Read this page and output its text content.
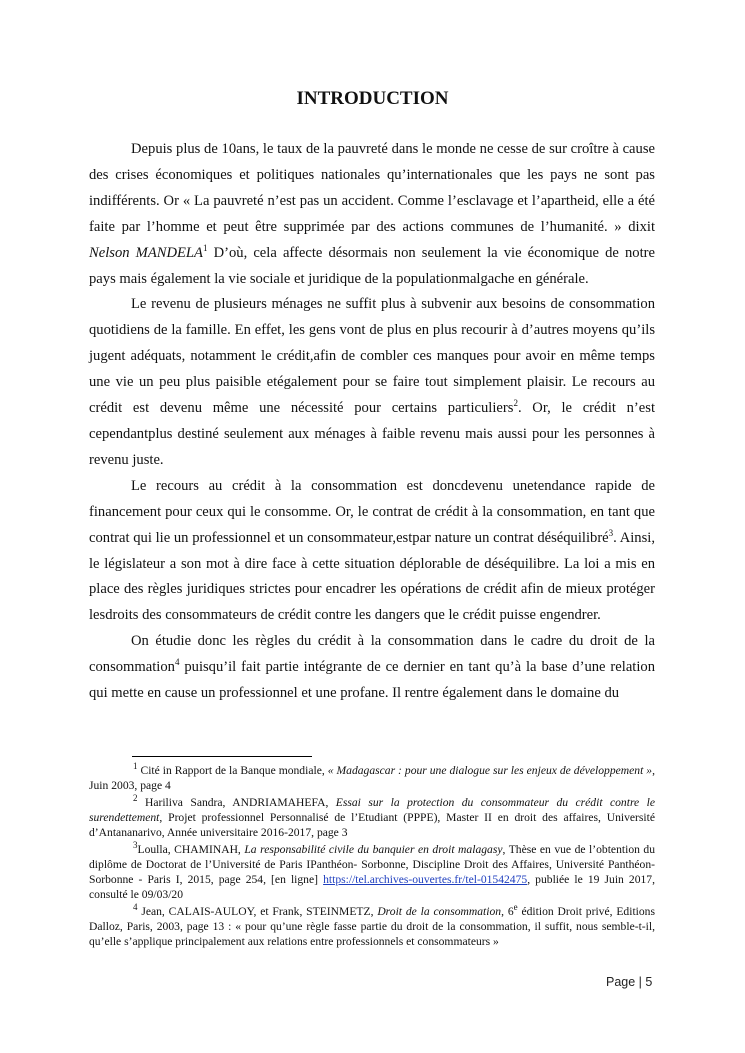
INTRODUCTION

Depuis plus de 10ans, le taux de la pauvreté dans le monde ne cesse de sur croître à cause des crises économiques et politiques nationales qu’internationales que les pays ne sont pas indifférents. Or « La pauvreté n’est pas un accident. Comme l’esclavage et l’apartheid, elle a été faite par l’homme et peut être supprimée par des actions communes de l’humanité. » dixit Nelson MANDELA$^1$ D’où, cela affecte désormais non seulement la vie économique de notre pays mais également la vie sociale et juridique de la populationmalgache en générale.

Le revenu de plusieurs ménages ne suffit plus à subvenir aux besoins de consommation quotidiens de la famille. En effet, les gens vont de plus en plus recourir à d’autres moyens qu’ils jugent adéquats, notamment le crédit,afin de combler ces manques pour avoir en même temps une vie un peu plus paisible etégalement pour se faire tout simplement plaisir. Le recours au crédit est devenu même une nécessité pour certains particuliers$^2$. Or, le crédit n’est cependantplus destiné seulement aux ménages à faible revenu mais aussi pour les personnes à revenu juste.

Le recours au crédit à la consommation est doncdevenu unetendance rapide de financement pour ceux qui le consomme. Or, le contrat de crédit à la consommation, en tant que contrat qui lie un professionnel et un consommateur,estpar nature un contrat déséquilibré$^3$. Ainsi, le législateur a son mot à dire face à cette situation déplorable de déséquilibre. La loi a mis en place des règles juridiques strictes pour encadrer les opérations de crédit afin de mieux protéger lesdroits des consommateurs de crédit contre les dangers que le crédit puisse engendrer.

On étudie donc les règles du crédit à la consommation dans le cadre du droit de la consommation$^4$ puisqu’il fait partie intégrante de ce dernier en tant qu’à la base d’une relation qui mette en cause un professionnel et une profane. Il rentre également dans le domaine du

$^1$ Cité in Rapport de la Banque mondiale, « Madagascar : pour une dialogue sur les enjeux de développement », Juin 2003, page 4

$^2$ Hariliva Sandra, ANDRIAMAHEFA, Essai sur la protection du consommateur du crédit contre le surendettement, Projet professionnel Personnalisé de l’Etudiant (PPPE), Master II en droit des affaires, Université d’Antananarivo, Année universitaire 2016-2017, page 3

$^3$Loulla, CHAMINAH, La responsabilité civile du banquier en droit malagasy, Thèse en vue de l’obtention du diplôme de Doctorat de l’Université de Paris IPanthéon- Sorbonne, Discipline Droit des Affaires, Université Panthéon- Sorbonne - Paris I, 2015, page 254, [en ligne] https://tel.archives-ouvertes.fr/tel-01542475, publiée le 19 Juin 2017, consulté le 09/03/20

$^4$ Jean, CALAIS-AULOY, et Frank, STEINMETZ, Droit de la consommation, 6e édition Droit privé, Editions Dalloz, Paris, 2003, page 13 : « pour qu’une règle fasse partie du droit de la consommation, il suffit, nous semble-t-il, qu’elle s’applique principalement aux relations entre professionnels et consommateurs »

Page | 5
